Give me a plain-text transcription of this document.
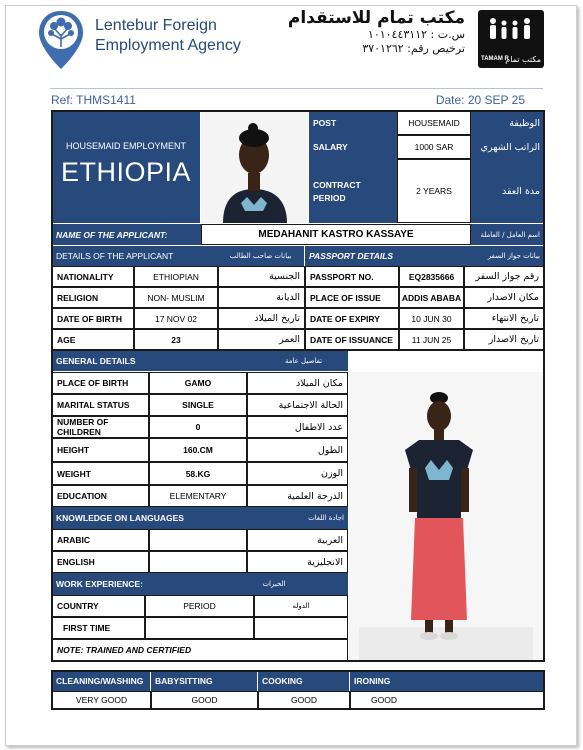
Lentebur Foreign
Employment Agency
مكتب تمام للاستقدام
س.ت : ١٠١٠٤٤٣١١٢
ترخيص رقم: ٣٧٠١٢٦٢
TAMAM R
مكتب تمام
Ref: THMS1411	Date: 20 SEP 25
HOUSEMAID EMPLOYMENT
ETHIOPIA
POST	HOUSEMAID	الوظيفة
SALARY	1000 SAR	الراتب الشهري
CONTRACT
PERIOD
2 YEARS	مدة العقد
NAME OF THE APPLICANT:	MEDAHANIT KASTRO KASSAYE	اسم العامل / العاملة
DETAILS OF THE APPLICANT	بيانات صاحب الطالب	PASSPORT DETAILS	بيانات جواز السفر
NATIONALITY	ETHIOPIAN	الجنسية	PASSPORT NO.	EQ2835666	رقم جواز السفر
RELIGION	NON- MUSLIM	الديانة	PLACE OF ISSUE	ADDIS ABABA	مكان الاصدار
DATE OF BIRTH	17 NOV 02	تاريخ الميلاد	DATE OF EXPIRY	10 JUN 30	تاريخ الانتهاء
AGE	23	العمر	DATE OF ISSUANCE	11 JUN 25	تاريخ الاصدار
GENERAL DETAILS	تفاصيل عامة
PLACE OF BIRTH	GAMO	مكان الميلاد
MARITAL STATUS	SINGLE	الحالة الاجتماعية
NUMBER OF
CHILDREN	0	عدد الاطفال
HEIGHT	160.CM	الطول
WEIGHT	58.KG	الوزن
EDUCATION	ELEMENTARY	الدرجة العلمية
KNOWLEDGE ON LANGUAGES	اجادة اللغات
ARABIC	العربية
ENGLISH	الانجليزية
WORK EXPERIENCE:	الخبرات
COUNTRY	PERIOD	الدوله
FIRST TIME
NOTE: TRAINED AND CERTIFIED
CLEANING/WASHING	BABYSITTING	COOKING	IRONING
VERY GOOD	GOOD	GOOD	GOOD
